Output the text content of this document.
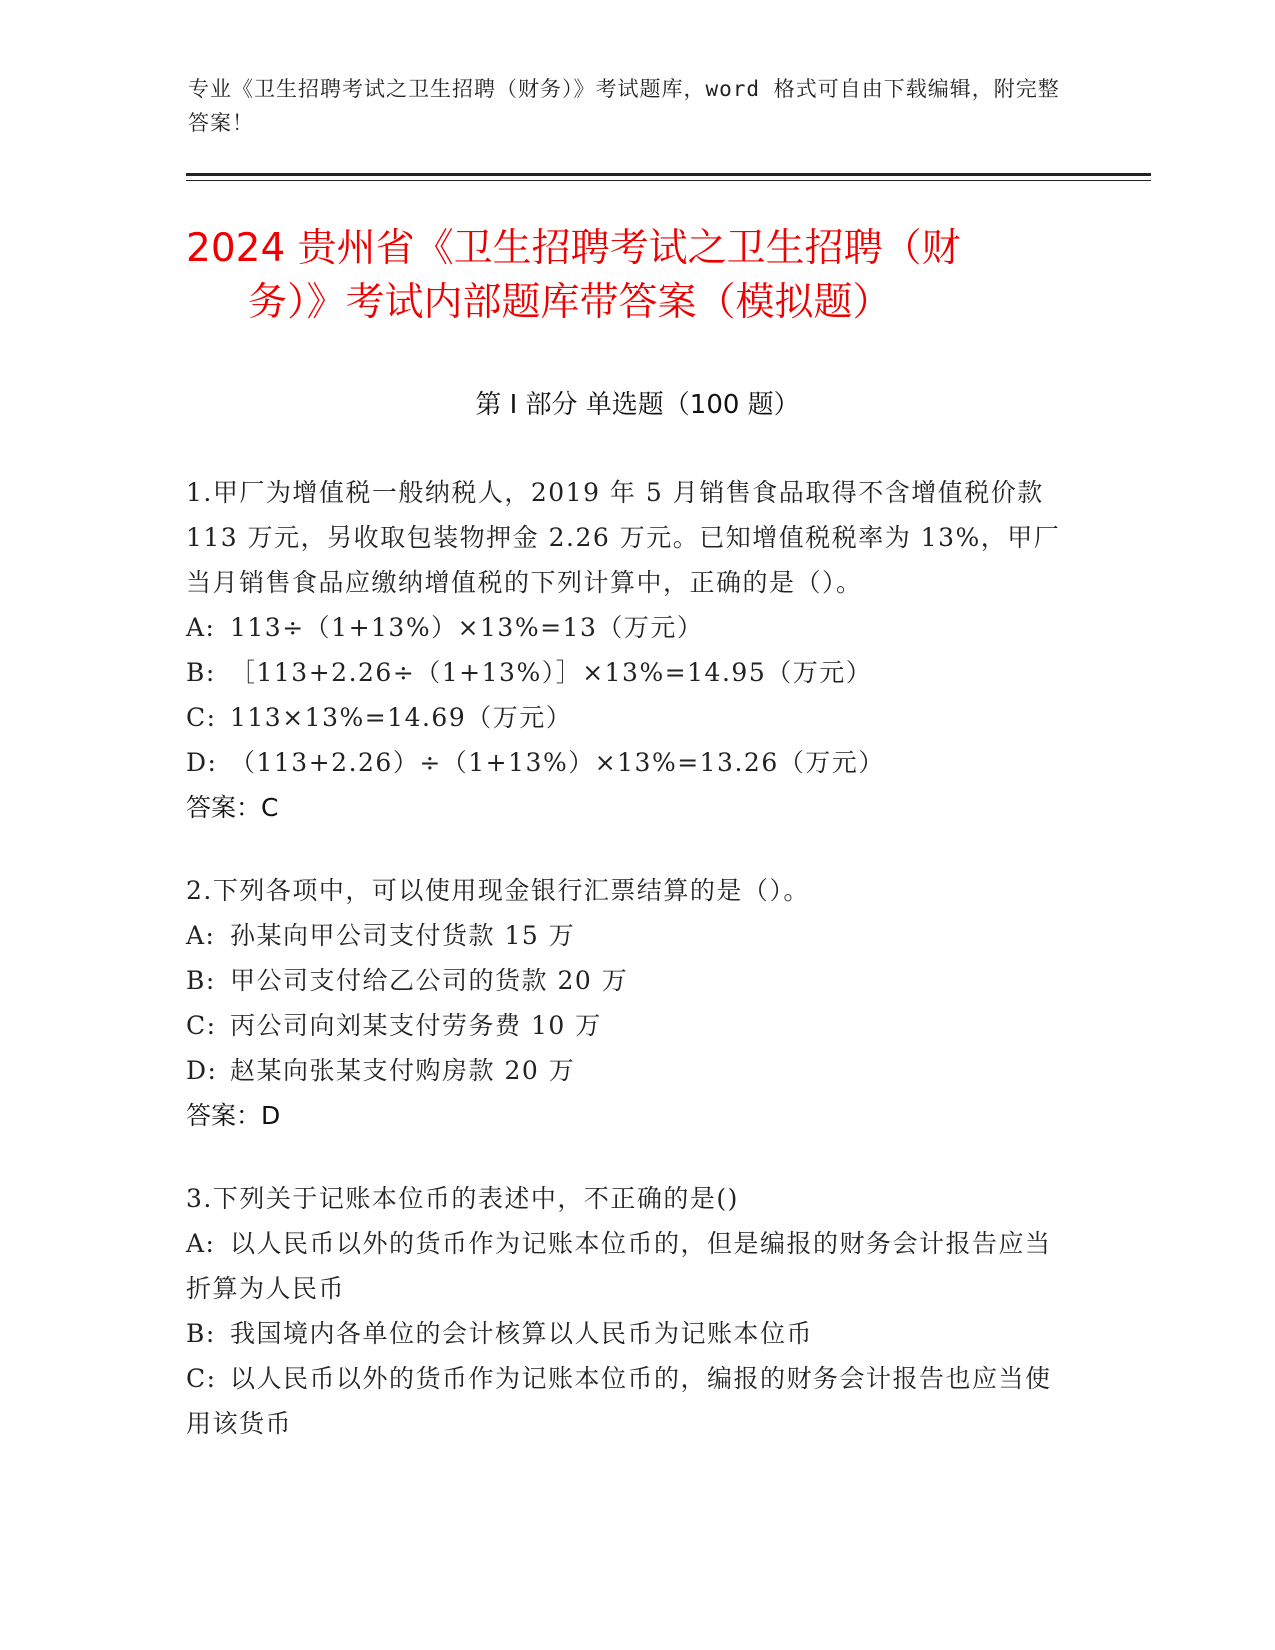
专业《卫生招聘考试之卫生招聘（财务）》考试题库，word 格式可自由下载编辑，附完整答案！
2024 贵州省《卫生招聘考试之卫生招聘（财
务）》考试内部题库带答案（模拟题）
第 I 部分 单选题（100 题）
1.甲厂为增值税一般纳税人，2019 年 5 月销售食品取得不含增值税价款 113 万元，另收取包装物押金 2.26 万元。已知增值税税率为 13%，甲厂当月销售食品应缴纳增值税的下列计算中，正确的是（）。
A: 113÷（1+13%）×13%=13（万元）
B: ［113+2.26÷（1+13%）］×13%=14.95（万元）
C: 113×13%=14.69（万元）
D: （113+2.26）÷（1+13%）×13%=13.26（万元）
答案：C
2.下列各项中，可以使用现金银行汇票结算的是（）。
A: 孙某向甲公司支付货款 15 万
B: 甲公司支付给乙公司的货款 20 万
C: 丙公司向刘某支付劳务费 10 万
D: 赵某向张某支付购房款 20 万
答案：D
3.下列关于记账本位币的表述中，不正确的是()
A: 以人民币以外的货币作为记账本位币的，但是编报的财务会计报告应当折算为人民币
B: 我国境内各单位的会计核算以人民币为记账本位币
C: 以人民币以外的货币作为记账本位币的，编报的财务会计报告也应当使用该货币
